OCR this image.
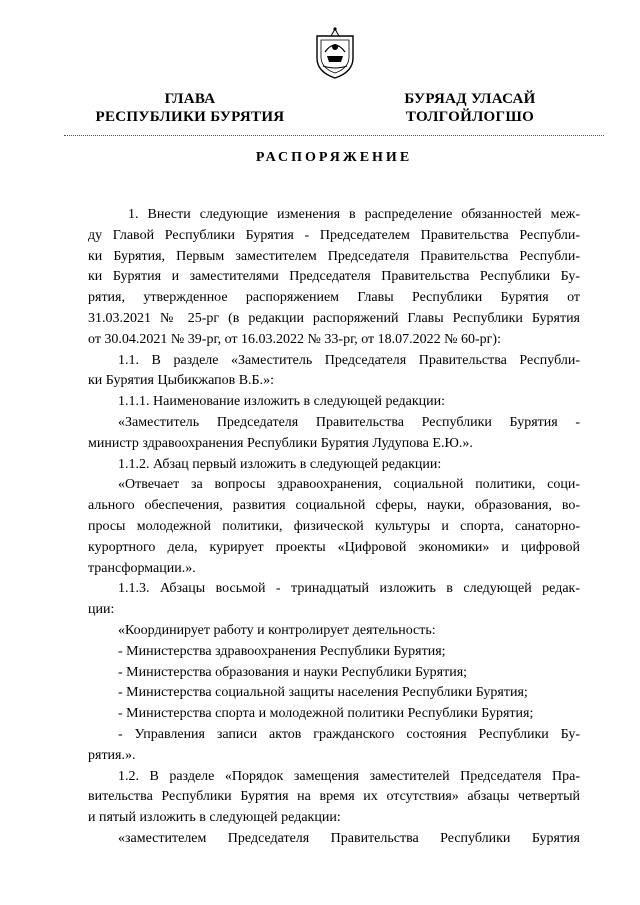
ГЛАВА
РЕСПУБЛИКИ БУРЯТИЯ
БУРЯАД УЛАСАЙ
ТОЛГОЙЛОГШО
РАСПОРЯЖЕНИЕ
1. Внести следующие изменения в распределение обязанностей меж-
ду Главой Республики Бурятия - Председателем Правительства Республи-
ки Бурятия, Первым заместителем Председателя Правительства Республи-
ки Бурятия и заместителями Председателя Правительства Республики Бу-
рятия, утвержденное распоряжением Главы Республики Бурятия от
31.03.2021 № 25-рг (в редакции распоряжений Главы Республики Бурятия
от 30.04.2021 № 39-рг, от 16.03.2022 № 33-рг, от 18.07.2022 № 60-рг):
1.1. В разделе «Заместитель Председателя Правительства Республи-
ки Бурятия Цыбикжапов В.Б.»:
1.1.1. Наименование изложить в следующей редакции:
«Заместитель Председателя Правительства Республики Бурятия -
министр здравоохранения Республики Бурятия Лудупова Е.Ю.».
1.1.2. Абзац первый изложить в следующей редакции:
«Отвечает за вопросы здравоохранения, социальной политики, соци-
ального обеспечения, развития социальной сферы, науки, образования, во-
просы молодежной политики, физической культуры и спорта, санаторно-
курортного дела, курирует проекты «Цифровой экономики» и цифровой
трансформации.».
1.1.3. Абзацы восьмой - тринадцатый изложить в следующей редак-
ции:
«Координирует работу и контролирует деятельность:
- Министерства здравоохранения Республики Бурятия;
- Министерства образования и науки Республики Бурятия;
- Министерства социальной защиты населения Республики Бурятия;
- Министерства спорта и молодежной политики Республики Бурятия;
- Управления записи актов гражданского состояния Республики Бу-
рятия.».
1.2. В разделе «Порядок замещения заместителей Председателя Пра-
вительства Республики Бурятия на время их отсутствия» абзацы четвертый
и пятый изложить в следующей редакции:
«заместителем Председателя Правительства Республики Бурятия
